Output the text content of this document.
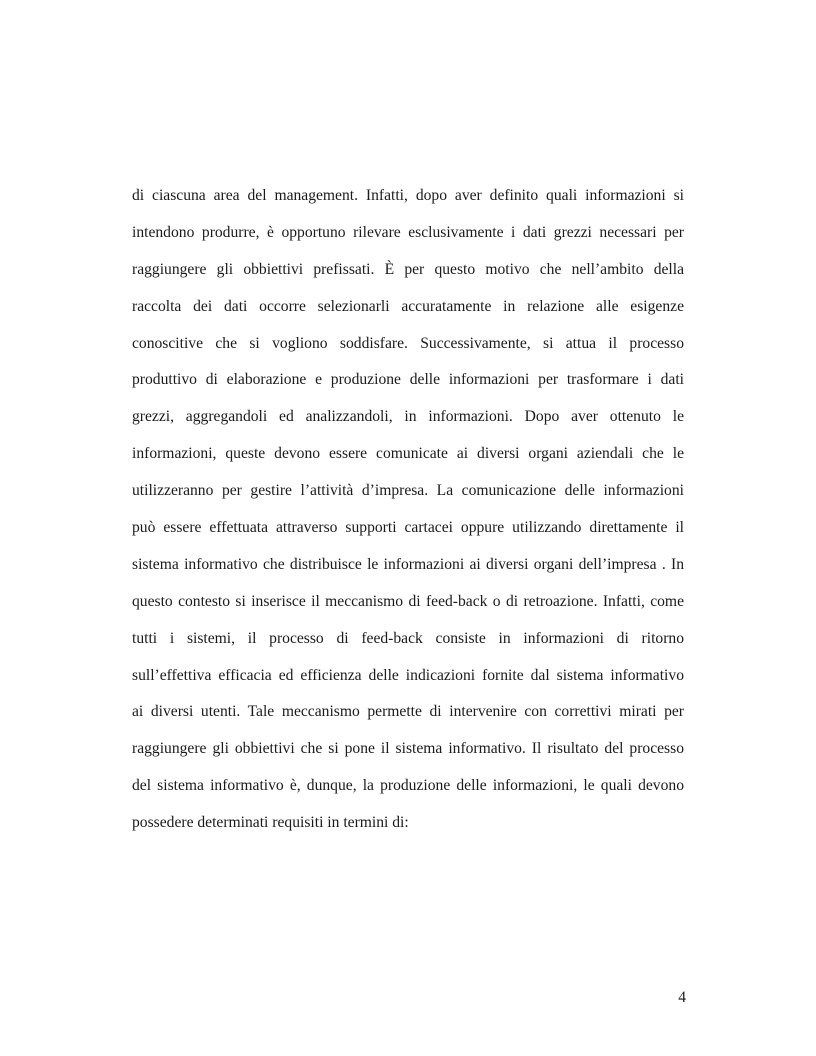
di ciascuna area del management. Infatti, dopo aver definito quali informazioni si
intendono produrre, è opportuno rilevare esclusivamente i dati grezzi necessari per
raggiungere gli obbiettivi prefissati. È per questo motivo che nell’ambito della
raccolta dei dati occorre selezionarli accuratamente in relazione alle esigenze
conoscitive che si vogliono soddisfare. Successivamente, si attua il processo
produttivo di elaborazione e produzione delle informazioni per trasformare i dati
grezzi, aggregandoli ed analizzandoli, in informazioni. Dopo aver ottenuto le
informazioni, queste devono essere comunicate ai diversi organi aziendali che le
utilizzeranno per gestire l’attività d’impresa. La comunicazione delle informazioni
può essere effettuata attraverso supporti cartacei oppure utilizzando direttamente il
sistema informativo che distribuisce le informazioni ai diversi organi dell’impresa . In
questo contesto si inserisce il meccanismo di feed-back o di retroazione. Infatti, come
tutti i sistemi, il processo di feed-back consiste in informazioni di ritorno
sull’effettiva efficacia ed efficienza delle indicazioni fornite dal sistema informativo
ai diversi utenti. Tale meccanismo permette di intervenire con correttivi mirati per
raggiungere gli obbiettivi che si pone il sistema informativo. Il risultato del processo
del sistema informativo è, dunque, la produzione delle informazioni, le quali devono
possedere determinati requisiti in termini di:
4
